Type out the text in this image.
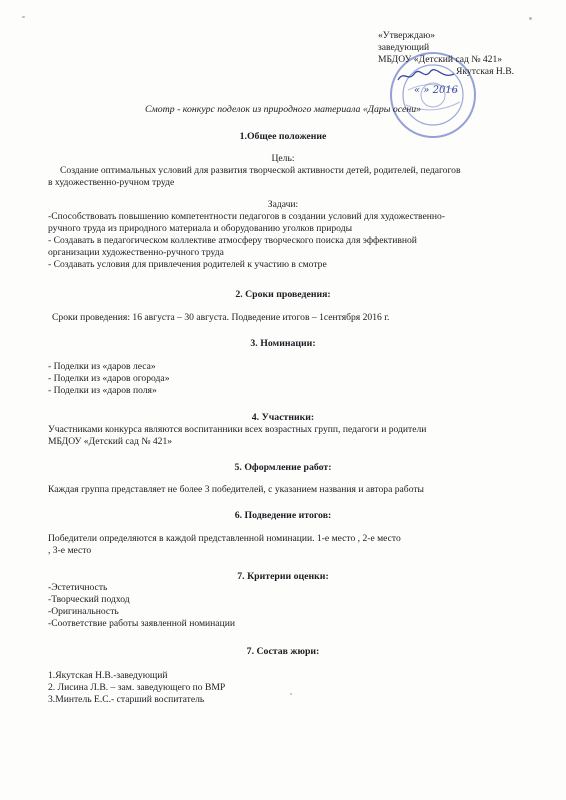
«Утверждаю»
заведующий
МБДОУ «Детский сад № 421»
Якутская Н.В.
« » 2016
Смотр - конкурс поделок из природного материала «Дары осени»
1.Общее положение
Цель:
Создание оптимальных условий для развития творческой активности детей, родителей, педагогов
в художественно-ручном труде
Задачи:
-Способствовать повышению компетентности педагогов в создании условий для художественно-
ручного труда из природного материала и оборудованию уголков природы
- Создавать в педагогическом коллективе атмосферу творческого поиска для эффективной
организации художественно-ручного труда
- Создавать условия для привлечения родителей к участию в смотре
2. Сроки проведения:
Сроки проведения: 16 августа – 30 августа. Подведение итогов – 1сентября 2016 г.
3. Номинации:
- Поделки из «даров леса»
- Поделки из «даров огорода»
- Поделки из «даров поля»
4. Участники:
Участниками конкурса являются воспитанники всех возрастных групп, педагоги и родители
МБДОУ «Детский сад № 421»
5. Оформление работ:
Каждая группа представляет не более 3 победителей, с указанием названия и автора работы
6. Подведение итогов:
Победители определяются в каждой представленной номинации. 1-е место , 2-е место
, 3-е место
7. Критерии оценки:
-Эстетичность
-Творческий подход
-Оригинальность
-Соответствие работы заявленной номинации
7. Состав жюри:
1.Якутская Н.В.-заведующий
2. Лисина Л.В. – зам. заведующего по ВМР
3.Минтель Е.С.- старший воспитатель
